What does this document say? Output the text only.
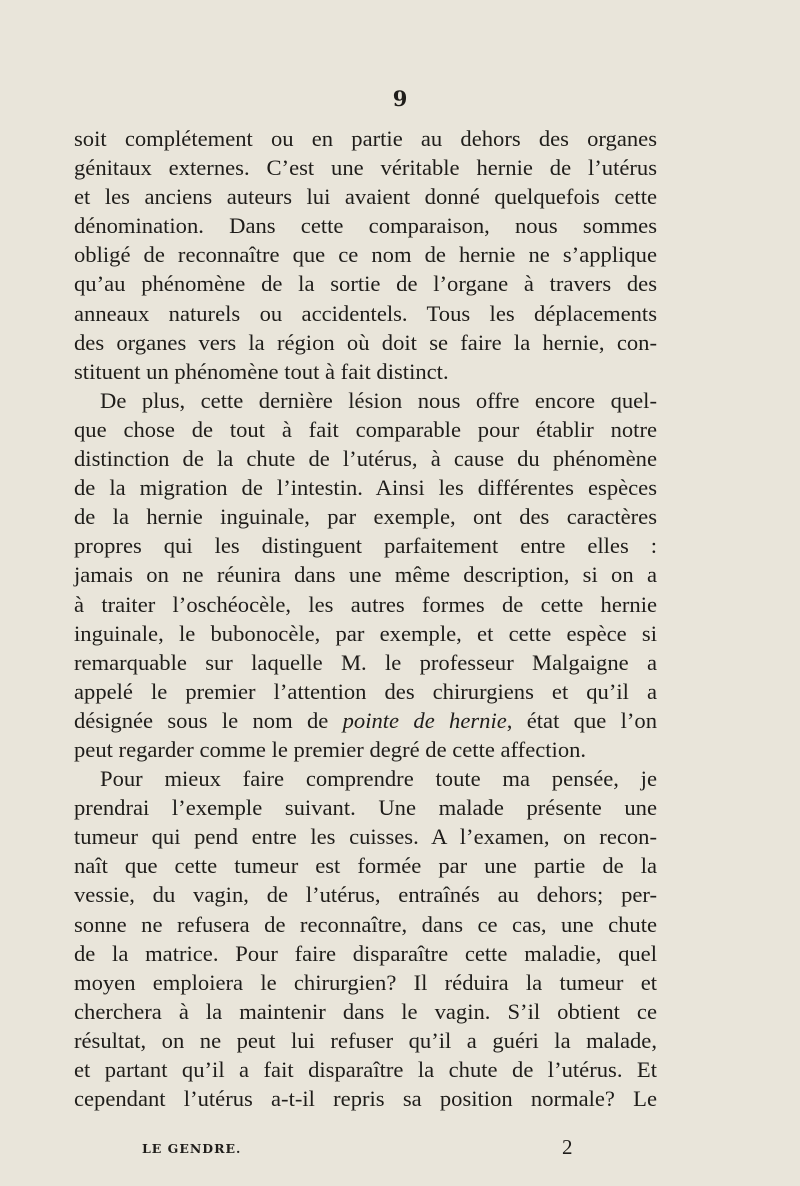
9
soit complétement ou en partie au dehors des organes
génitaux externes. C’est une véritable hernie de l’utérus
et les anciens auteurs lui avaient donné quelquefois cette
dénomination. Dans cette comparaison, nous sommes
obligé de reconnaître que ce nom de hernie ne s’applique
qu’au phénomène de la sortie de l’organe à travers des
anneaux naturels ou accidentels. Tous les déplacements
des organes vers la région où doit se faire la hernie, con-
stituent un phénomène tout à fait distinct.
De plus, cette dernière lésion nous offre encore quel-
que chose de tout à fait comparable pour établir notre
distinction de la chute de l’utérus, à cause du phénomène
de la migration de l’intestin. Ainsi les différentes espèces
de la hernie inguinale, par exemple, ont des caractères
propres qui les distinguent parfaitement entre elles :
jamais on ne réunira dans une même description, si on a
à traiter l’oschéocèle, les autres formes de cette hernie
inguinale, le bubonocèle, par exemple, et cette espèce si
remarquable sur laquelle M. le professeur Malgaigne a
appelé le premier l’attention des chirurgiens et qu’il a
désignée sous le nom de pointe de hernie, état que l’on
peut regarder comme le premier degré de cette affection.
Pour mieux faire comprendre toute ma pensée, je
prendrai l’exemple suivant. Une malade présente une
tumeur qui pend entre les cuisses. A l’examen, on recon-
naît que cette tumeur est formée par une partie de la
vessie, du vagin, de l’utérus, entraînés au dehors; per-
sonne ne refusera de reconnaître, dans ce cas, une chute
de la matrice. Pour faire disparaître cette maladie, quel
moyen emploiera le chirurgien? Il réduira la tumeur et
cherchera à la maintenir dans le vagin. S’il obtient ce
résultat, on ne peut lui refuser qu’il a guéri la malade,
et partant qu’il a fait disparaître la chute de l’utérus. Et
cependant l’utérus a-t-il repris sa position normale? Le
LE GENDRE.	2
